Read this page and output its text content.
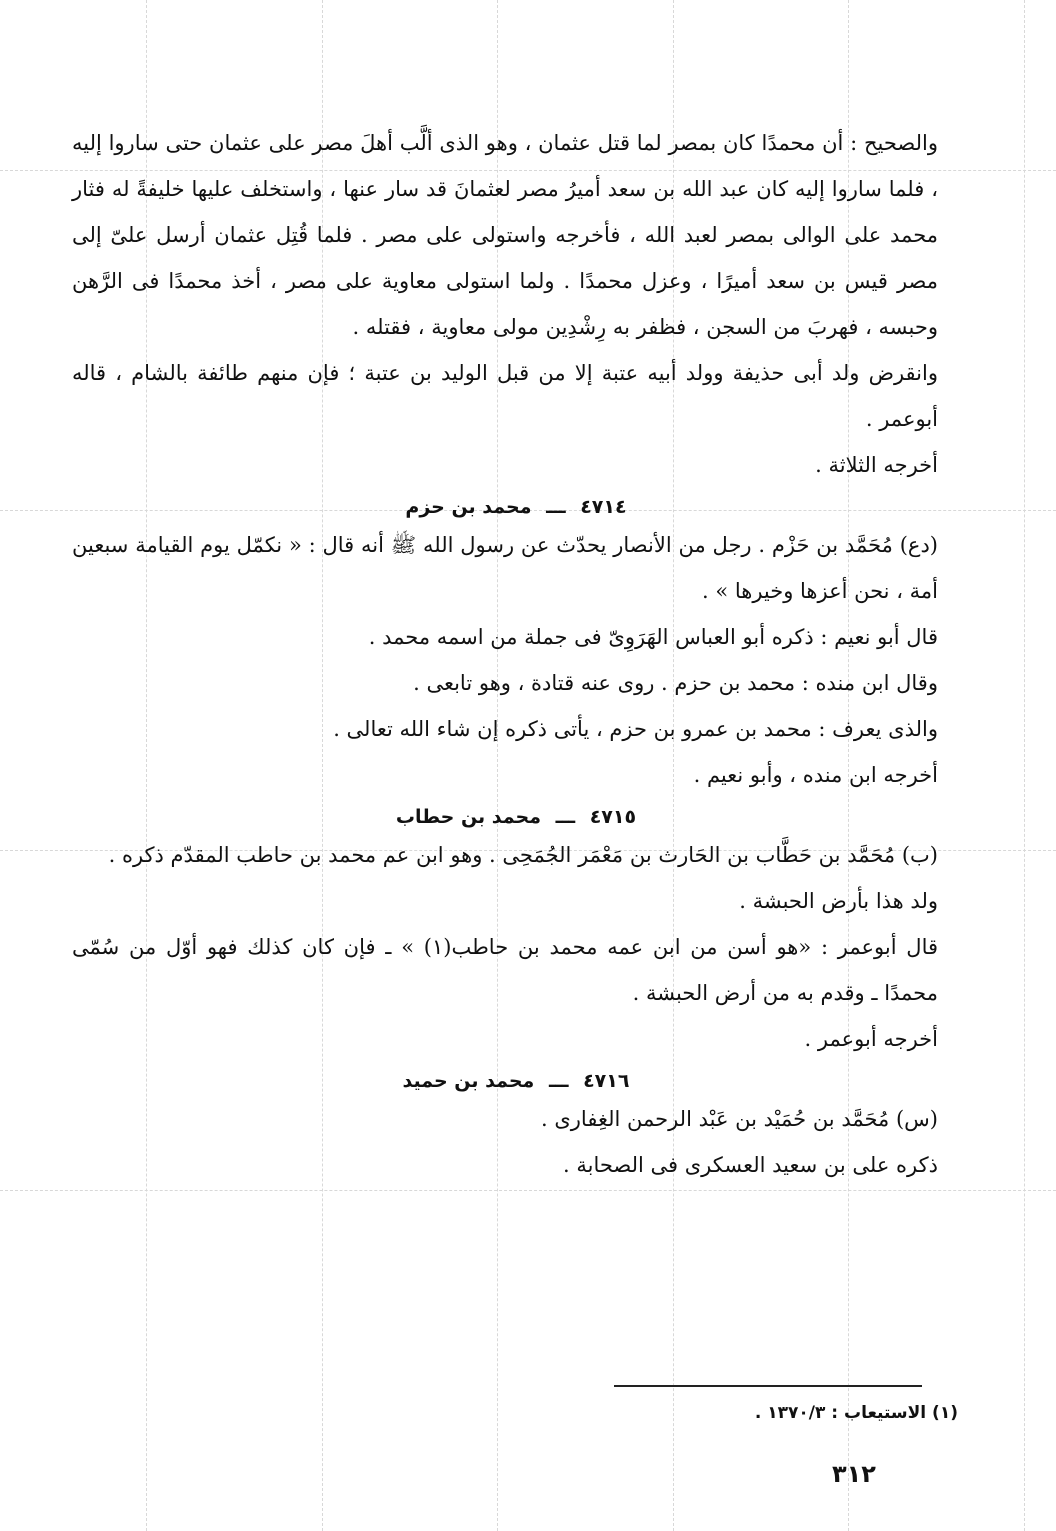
والصحيح : أن محمدًا كان بمصر لما قتل عثمان ، وهو الذى ألَّب أهلَ مصر على عثمان حتى ساروا إليه ، فلما ساروا إليه كان عبد الله بن سعد أميرُ مصر لعثمانَ قد سار عنها ، واستخلف عليها خليفةً له فثار محمد على الوالى بمصر لعبد الله ، فأخرجه واستولى على مصر . فلما قُتِل عثمان أرسل علىّ إلى مصر قيس بن سعد أميرًا ، وعزل محمدًا . ولما استولى معاوية على مصر ، أخذ محمدًا فى الرَّهن وحبسه ، فهربَ من السجن ، فظفر به رِشْدِين مولى معاوية ، فقتله .

وانقرض ولد أبى حذيفة وولد أبيه عتبة إلا من قبل الوليد بن عتبة ؛ فإن منهم طائفة بالشام ، قاله أبوعمر .

أخرجه الثلاثة .

٤٧١٤ ـــ محمد بن حزم

(دع) مُحَمَّد بن حَزْم . رجل من الأنصار يحدّث عن رسول الله ﷺ أنه قال : « نكمّل يوم القيامة سبعين أمة ، نحن أعزها وخيرها » .

قال أبو نعيم : ذكره أبو العباس الهَرَوِىّ فى جملة من اسمه محمد .

وقال ابن منده : محمد بن حزم . روى عنه قتادة ، وهو تابعى .

والذى يعرف : محمد بن عمرو بن حزم ، يأتى ذكره إن شاء الله تعالى .

أخرجه ابن منده ، وأبو نعيم .

٤٧١٥ ـــ محمد بن حطاب

(ب) مُحَمَّد بن حَطَّاب بن الحَارث بن مَعْمَر الجُمَحِى . وهو ابن عم محمد بن حاطب المقدّم ذكره .

ولد هذا بأرض الحبشة .

قال أبوعمر : «هو أسن من ابن عمه محمد بن حاطب(١) » ـ فإن كان كذلك فهو أوّل من سُمّى محمدًا ـ وقدم به من أرض الحبشة .

أخرجه أبوعمر .

٤٧١٦ ـــ محمد بن حميد

(س) مُحَمَّد بن حُمَيْد بن عَبْد الرحمن الغِفارى .

ذكره على بن سعيد العسكرى فى الصحابة .

(١) الاستيعاب : ١٣٧٠/٣ .
٣١٢
